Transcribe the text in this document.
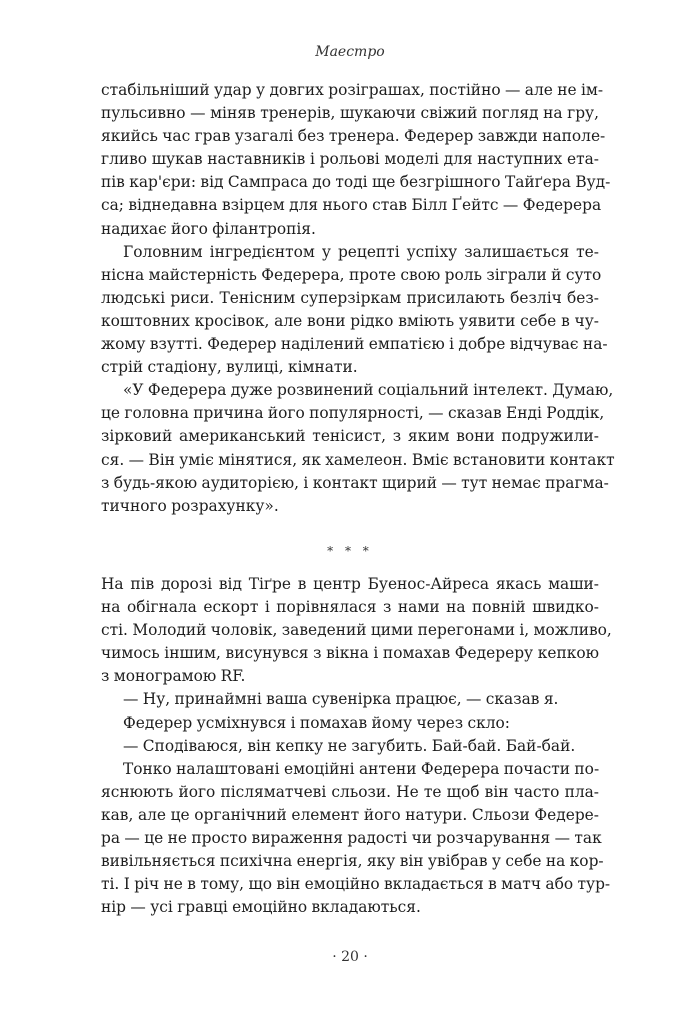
Маестро
стабільніший удар у довгих розіграшах, постійно — але не ім-
пульсивно — міняв тренерів, шукаючи свіжий погляд на гру,
якийсь час грав узагалі без тренера. Федерер завжди наполе-
гливо шукав наставників і рольові моделі для наступних ета-
пів кар'єри: від Сампраса до тоді ще безгрішного Тайґера Вуд-
са; віднедавна взірцем для нього став Білл Ґейтс — Федерера
надихає його філантропія.
Головним інгредієнтом у рецепті успіху залишається те-
нісна майстерність Федерера, проте свою роль зіграли й суто
людські риси. Тенісним суперзіркам присилають безліч без-
коштовних кросівок, але вони рідко вміють уявити себе в чу-
жому взутті. Федерер наділений емпатією і добре відчуває на-
стрій стадіону, вулиці, кімнати.
«У Федерера дуже розвинений соціальний інтелект. Думаю,
це головна причина його популярності, — сказав Енді Роддік,
зірковий американський тенісист, з яким вони подружили-
ся. — Він уміє мінятися, як хамелеон. Вміє встановити контакт
з будь-якою аудиторією, і контакт щирий — тут немає прагма-
тичного розрахунку».
* * *
На пів дорозі від Тіґре в центр Буенос-Айреса якась маши-
на обігнала ескорт і порівнялася з нами на повній швидко-
сті. Молодий чоловік, заведений цими перегонами і, можливо,
чимось іншим, висунувся з вікна і помахав Федереру кепкою
з монограмою RF.
— Ну, принаймні ваша сувенірка працює, — сказав я.
Федерер усміхнувся і помахав йому через скло:
— Сподіваюся, він кепку не загубить. Бай-бай. Бай-бай.
Тонко налаштовані емоційні антени Федерера почасти по-
яснюють його післяматчеві сльози. Не те щоб він часто пла-
кав, але це органічний елемент його натури. Сльози Федере-
ра — це не просто вираження радості чи розчарування — так
вивільняється психічна енергія, яку він увібрав у себе на кор-
ті. І річ не в тому, що він емоційно вкладається в матч або тур-
нір — усі гравці емоційно вкладаються.
· 20 ·
